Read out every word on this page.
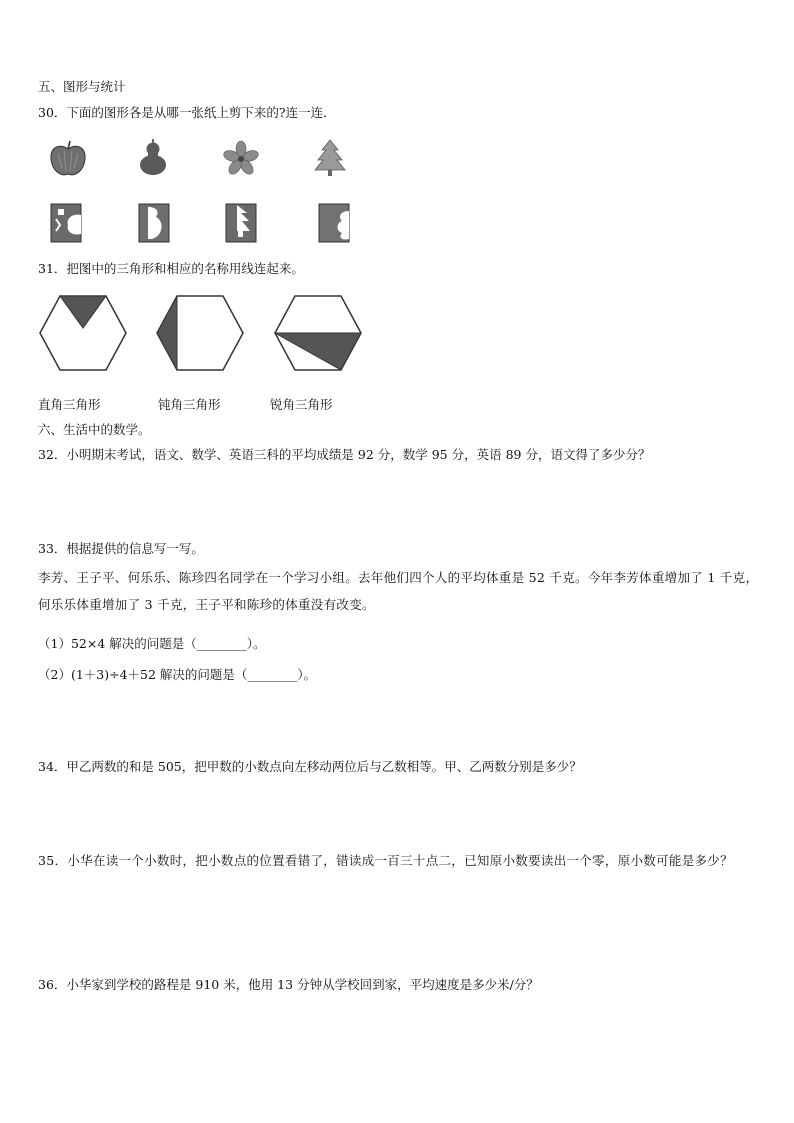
五、图形与统计
30．下面的图形各是从哪一张纸上剪下来的?连一连．
31．把图中的三角形和相应的名称用线连起来。
直角三角形	钝角三角形	锐角三角形
六、生活中的数学。
32．小明期末考试，语文、数学、英语三科的平均成绩是 92 分，数学 95 分，英语 89 分，语文得了多少分？
33．根据提供的信息写一写。
李芳、王子平、何乐乐、陈珍四名同学在一个学习小组。去年他们四个人的平均体重是 52 千克。今年李芳体重增加了 1 千克，何乐乐体重增加了 3 千克，王子平和陈珍的体重没有改变。
（1）52×4 解决的问题是（________）。
（2）(1＋3)÷4＋52 解决的问题是（________）。
34．甲乙两数的和是 505，把甲数的小数点向左移动两位后与乙数相等。甲、乙两数分别是多少？
35．小华在读一个小数时，把小数点的位置看错了，错读成一百三十点二，已知原小数要读出一个零，原小数可能是多少？
36．小华家到学校的路程是 910 米，他用 13 分钟从学校回到家，平均速度是多少米/分？
